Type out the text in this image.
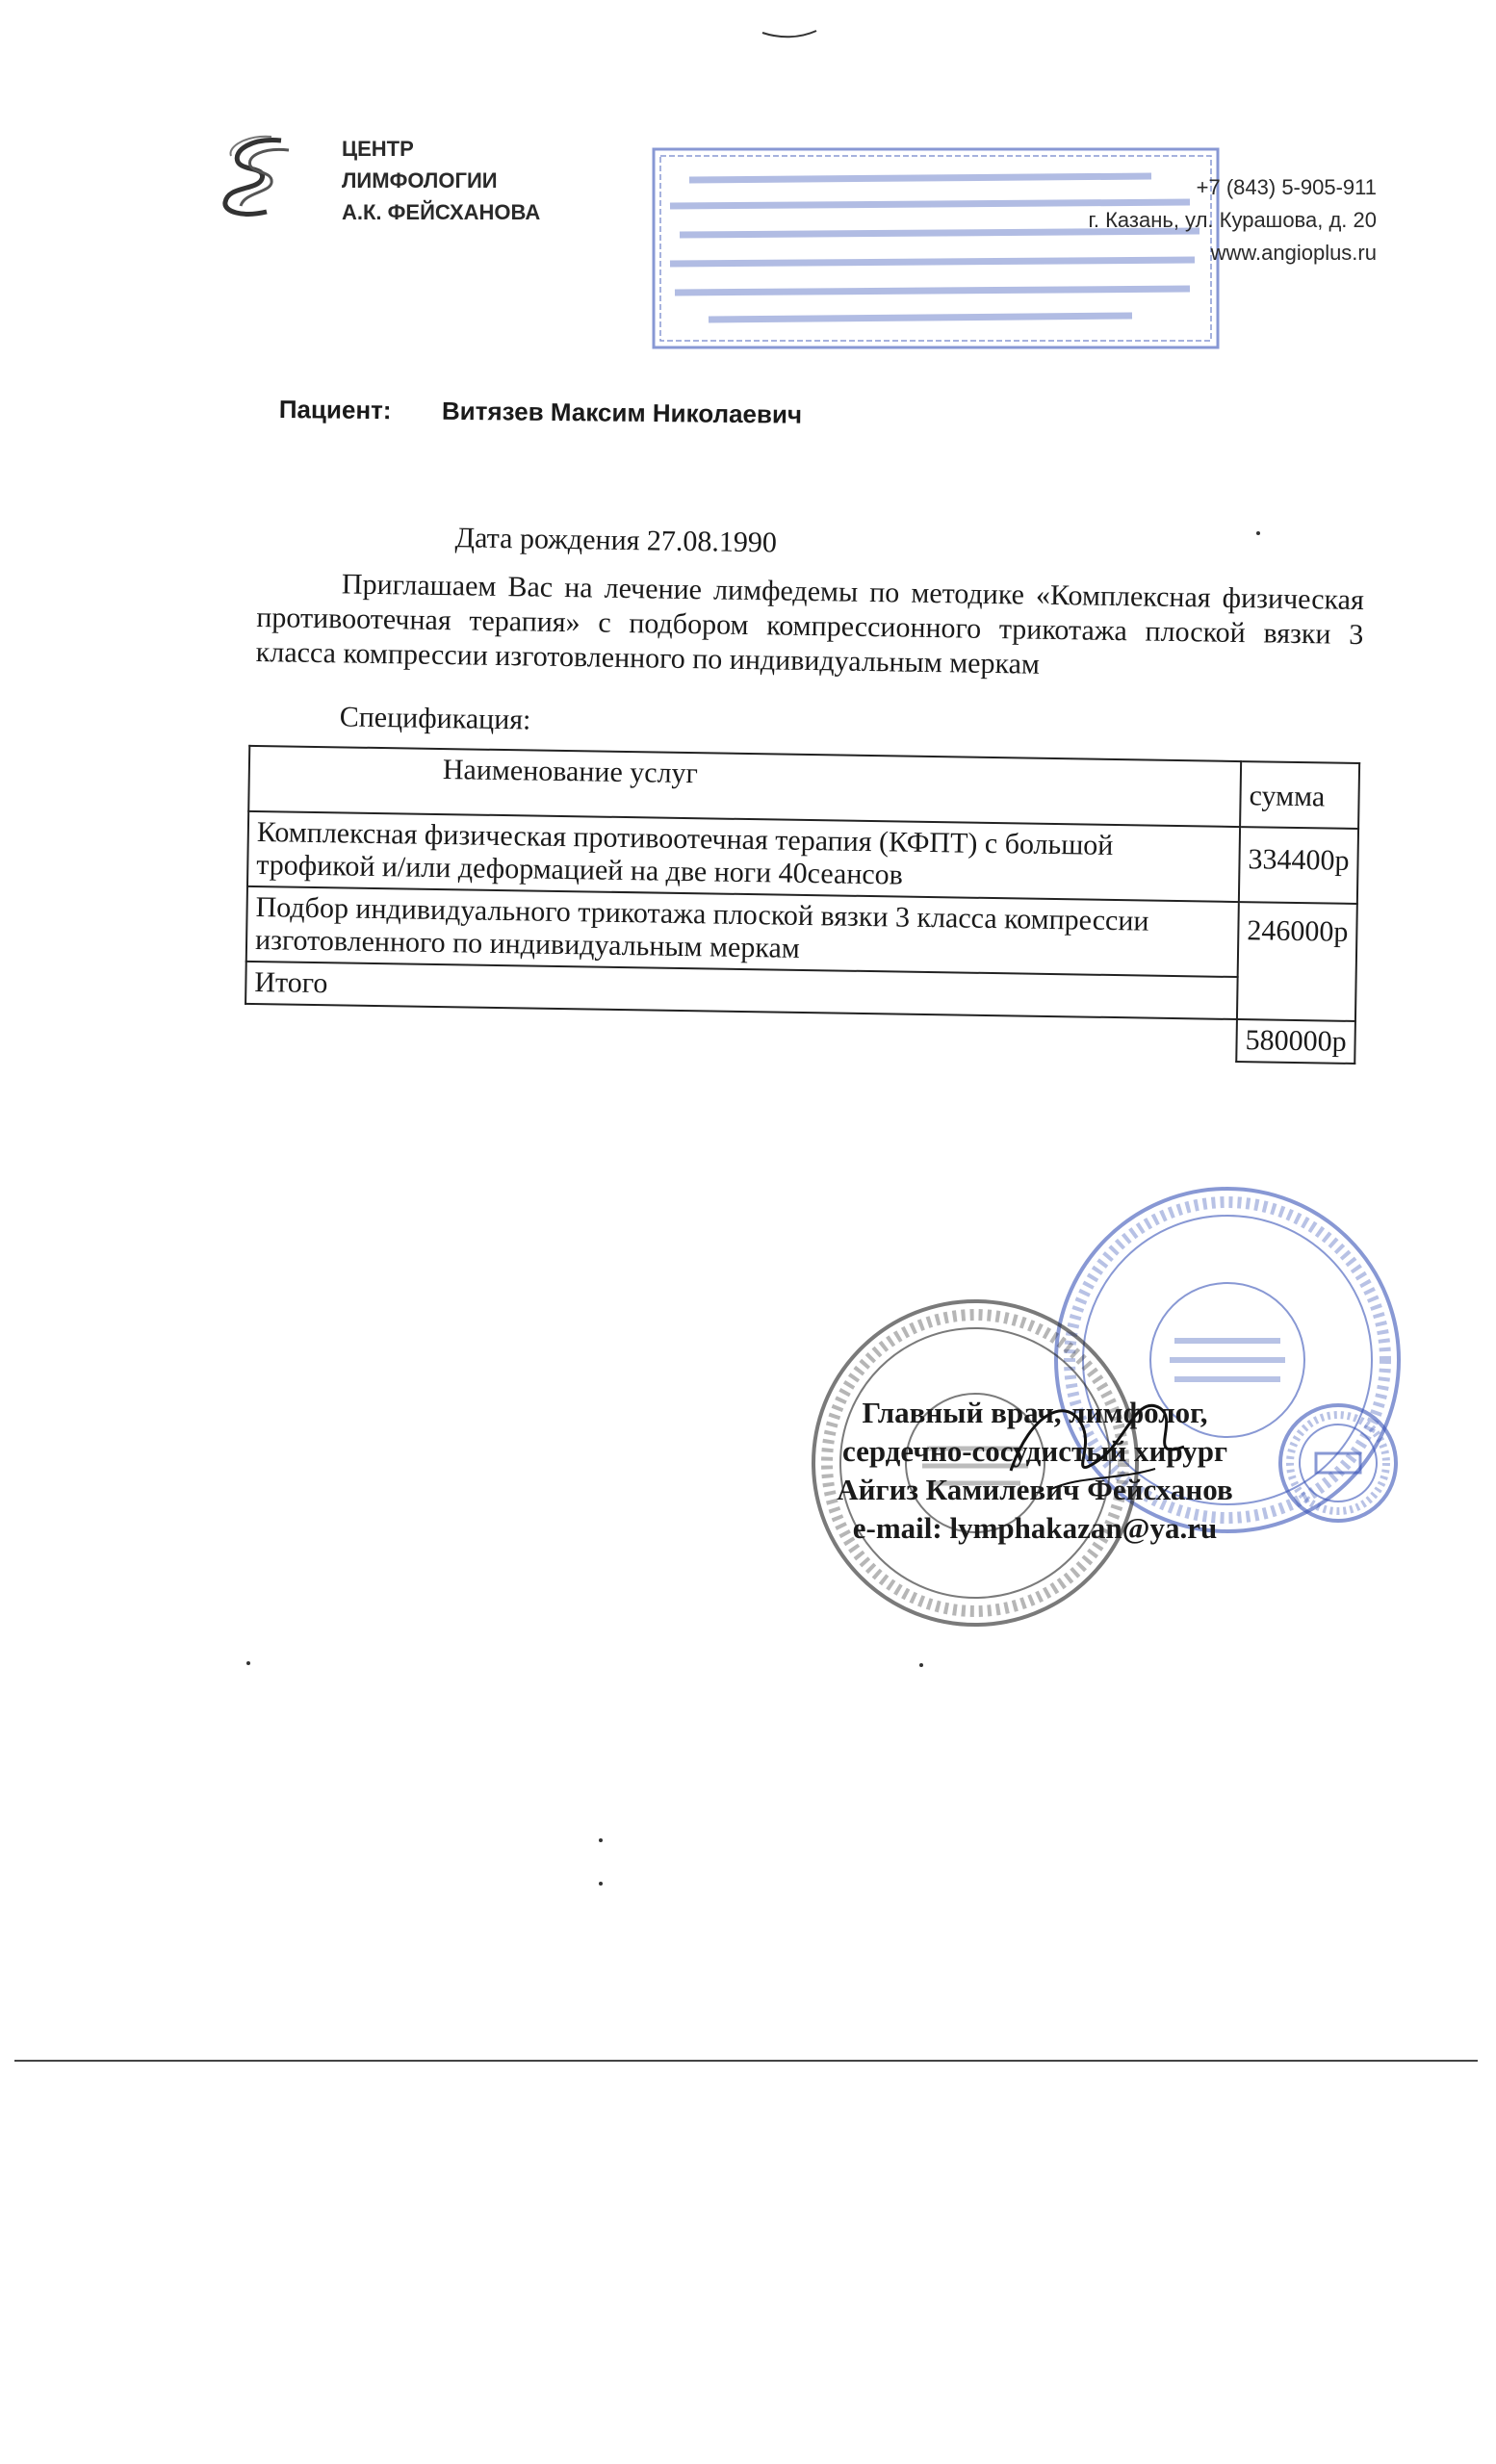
ЦЕНТР
ЛИМФОЛОГИИ
А.К. ФЕЙСХАНОВА
+7 (843) 5-905-911
г. Казань, ул. Курашова, д. 20
www.angioplus.ru
Пациент: Витязев Максим Николаевич
Дата рождения 27.08.1990
Приглашаем Вас на лечение лимфедемы по методике «Комплексная физическая противоотечная терапия» с подбором компрессионного трикотажа плоской вязки 3 класса компрессии изготовленного по индивидуальным меркам
Спецификация:
Наименование услуг	сумма
Комплексная физическая противоотечная терапия (КФПТ) с большой трофикой и/или деформацией на две ноги 40сеансов	334400р
Подбор индивидуального трикотажа плоской вязки 3 класса компрессии изготовленного по индивидуальным меркам	246000р
Итого	
	580000р
Главный врач, лимфолог,
сердечно-сосудистый хирург
Айгиз Камилевич Фейсханов
e-mail: lymphakazan@ya.ru
